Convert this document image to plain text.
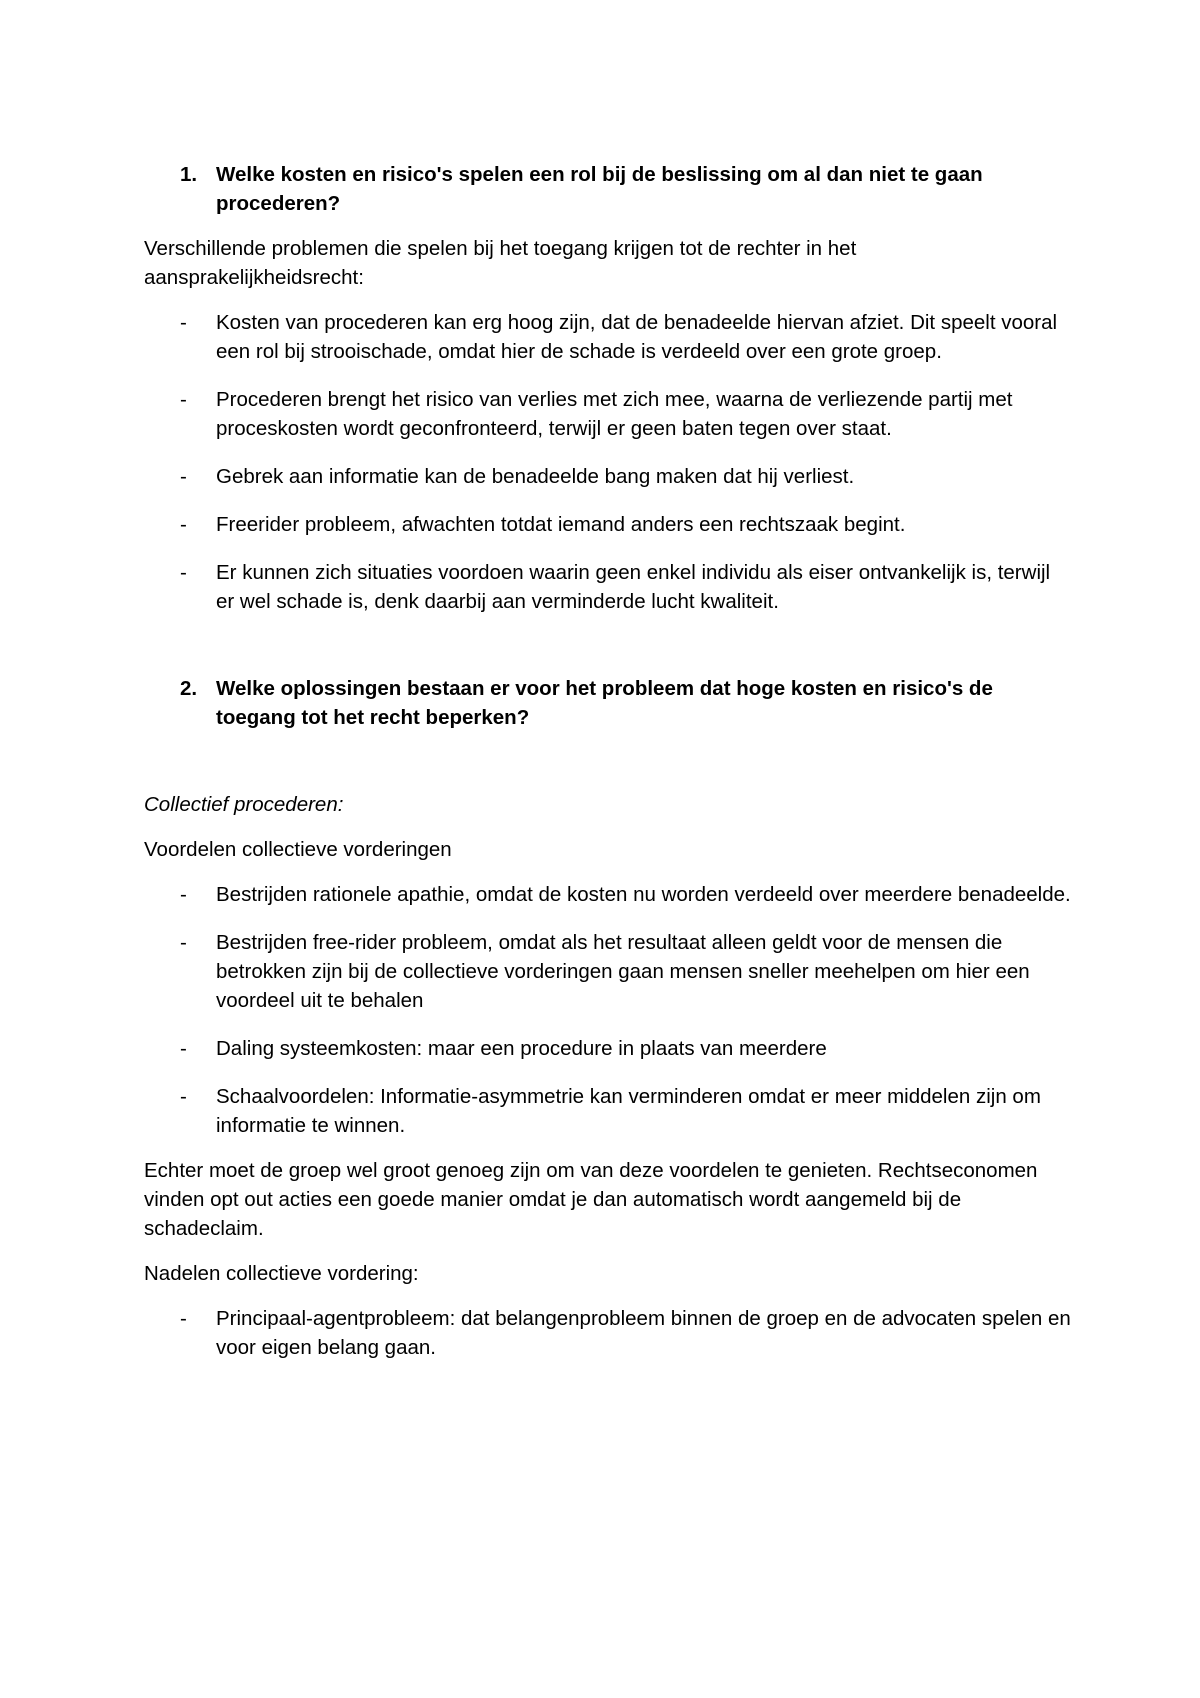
1. Welke kosten en risico's spelen een rol bij de beslissing om al dan niet te gaan procederen?

Verschillende problemen die spelen bij het toegang krijgen tot de rechter in het aansprakelijkheidsrecht:

-	Kosten van procederen kan erg hoog zijn, dat de benadeelde hiervan afziet. Dit speelt vooral een rol bij strooischade, omdat hier de schade is verdeeld over een grote groep.
-	Procederen brengt het risico van verlies met zich mee, waarna de verliezende partij met proceskosten wordt geconfronteerd, terwijl er geen baten tegen over staat.
-	Gebrek aan informatie kan de benadeelde bang maken dat hij verliest.
-	Freerider probleem, afwachten totdat iemand anders een rechtszaak begint.
-	Er kunnen zich situaties voordoen waarin geen enkel individu als eiser ontvankelijk is, terwijl er wel schade is, denk daarbij aan verminderde lucht kwaliteit.
2. Welke oplossingen bestaan er voor het probleem dat hoge kosten en risico's de toegang tot het recht beperken?

Collectief procederen:

Voordelen collectieve vorderingen

-	Bestrijden rationele apathie, omdat de kosten nu worden verdeeld over meerdere benadeelde.
-	Bestrijden free-rider probleem, omdat als het resultaat alleen geldt voor de mensen die betrokken zijn bij de collectieve vorderingen gaan mensen sneller meehelpen om hier een voordeel uit te behalen
-	Daling systeemkosten: maar een procedure in plaats van meerdere
-	Schaalvoordelen: Informatie-asymmetrie kan verminderen omdat er meer middelen zijn om informatie te winnen.

Echter moet de groep wel groot genoeg zijn om van deze voordelen te genieten. Rechtseconomen vinden opt out acties een goede manier omdat je dan automatisch wordt aangemeld bij de schadeclaim.

Nadelen collectieve vordering:

-	Principaal-agentprobleem: dat belangenprobleem binnen de groep en de advocaten spelen en voor eigen belang gaan.
